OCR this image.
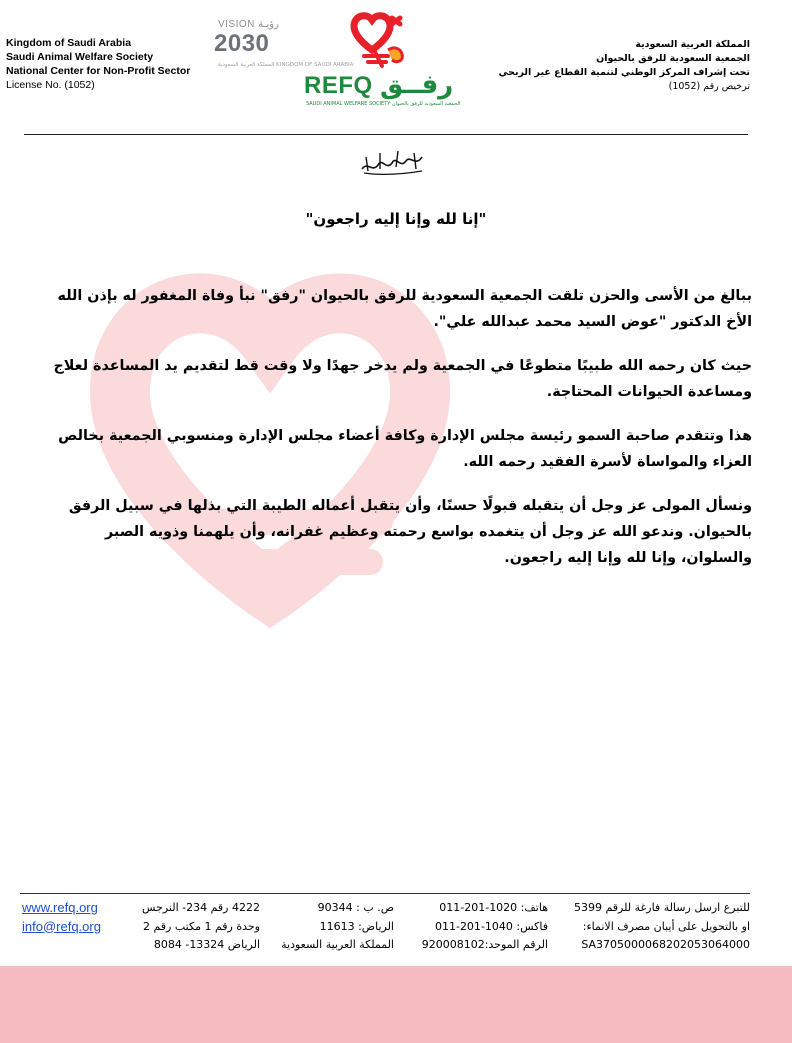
Kingdom of Saudi Arabia
Saudi Animal Welfare Society
National Center for Non-Profit Sector
License No. (1052)
VISION رؤيـة
2030
المملكة العربية السعودية KINGDOM OF SAUDI ARABIA
REFQ رفــق
SAUDI ANIMAL WELFARE SOCIETY الجمعية السعودية للرفق بالحيوان
المملكة العربية السعودية
الجمعية السعودية للرفق بالحيوان
تحت إشراف المركز الوطني لتنمية القطاع غير الربحي
ترخيص رقم (1052)
"إنا لله وإنا إليه راجعون"

ببالغ من الأسى والحزن تلقت الجمعية السعودية للرفق بالحيوان "رفق" نبأ وفاة المغفور له بإذن الله الأخ الدكتور "عوض السيد محمد عبدالله علي".

حيث كان رحمه الله طبيبًا متطوعًا في الجمعية ولم يدخر جهدًا ولا وقت قط لتقديم يد المساعدة لعلاج ومساعدة الحيوانات المحتاجة.

هذا وتتقدم صاحبة السمو رئيسة مجلس الإدارة وكافة أعضاء مجلس الإدارة ومنسوبي الجمعية بخالص العزاء والمواساة لأسرة الفقيد رحمه الله.

ونسأل المولى عز وجل أن يتقبله قبولًا حسنًا، وأن يتقبل أعماله الطيبة التي بذلها في سبيل الرفق بالحيوان. وندعو الله عز وجل أن يتغمده بواسع رحمته وعظيم غفرانه، وأن يلهمنا وذويه الصبر والسلوان، وإنا لله وإنا إليه راجعون.

www.refq.org
info@refq.org
4222 رقم 234- النرجس
وحدة رقم 1 مكتب رقم 2
الرياض 13324- 8084
ص. ب : 90344
الرياض: 11613
المملكة العربية السعودية
هاتف: 1020-201-011
فاكس: 1040-201-011
الرقم الموحد:920008102
للتبرع ارسل رسالة فارغة للرقم 5399
او بالتحويل على أيبان مصرف الانماء:
SA3705000068202053064000
